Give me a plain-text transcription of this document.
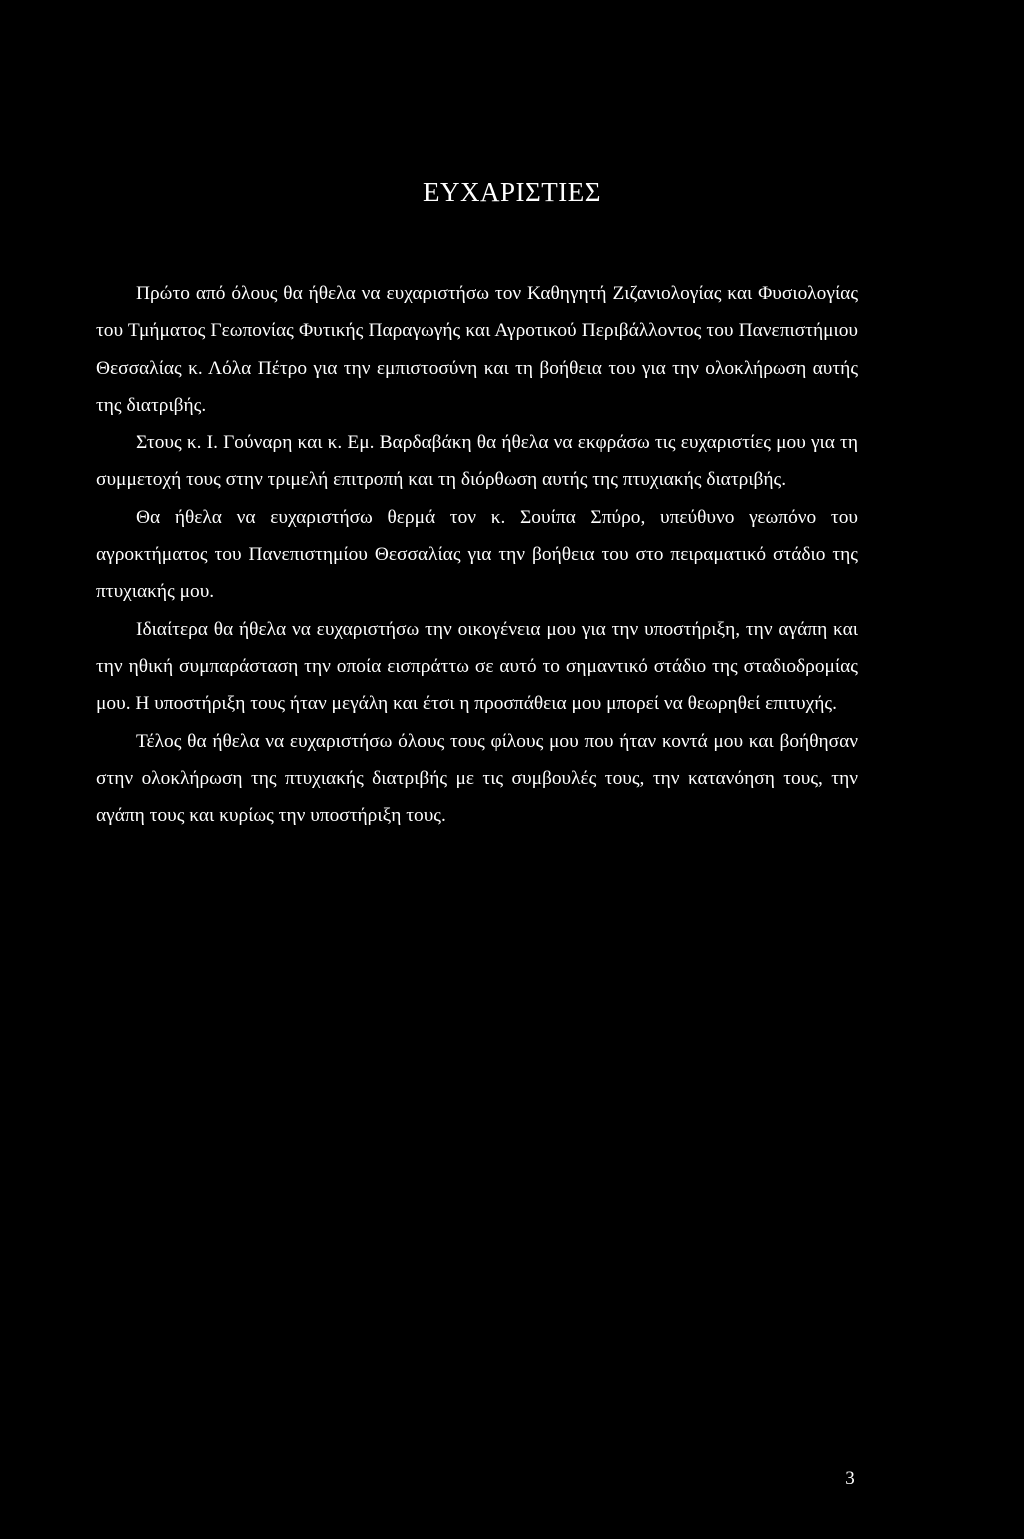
ΕΥΧΑΡΙΣΤΙΕΣ

Πρώτο από όλους θα ήθελα να ευχαριστήσω τον Καθηγητή Ζιζανιολογίας και Φυσιολογίας του Τμήματος Γεωπονίας Φυτικής Παραγωγής και Αγροτικού Περιβάλλοντος του Πανεπιστήμιου Θεσσαλίας κ. Λόλα Πέτρο για την εμπιστοσύνη και τη βοήθεια του για την ολοκλήρωση αυτής της διατριβής.

Στους κ. Ι. Γούναρη και κ. Εμ. Βαρδαβάκη θα ήθελα να εκφράσω τις ευχαριστίες μου για τη συμμετοχή τους στην τριμελή επιτροπή και τη διόρθωση αυτής της πτυχιακής διατριβής.

Θα ήθελα να ευχαριστήσω θερμά τον κ. Σουίπα Σπύρο, υπεύθυνο γεωπόνο του αγροκτήματος του Πανεπιστημίου Θεσσαλίας για την βοήθεια του στο πειραματικό στάδιο της πτυχιακής μου.

Ιδιαίτερα θα ήθελα να ευχαριστήσω την οικογένεια μου για την υποστήριξη, την αγάπη και την ηθική συμπαράσταση την οποία εισπράττω σε αυτό το σημαντικό στάδιο της σταδιοδρομίας μου. Η υποστήριξη τους ήταν μεγάλη και έτσι η προσπάθεια μου μπορεί να θεωρηθεί επιτυχής.

Τέλος θα ήθελα να ευχαριστήσω όλους τους φίλους μου που ήταν κοντά μου και βοήθησαν στην ολοκλήρωση της πτυχιακής διατριβής με τις συμβουλές τους, την κατανόηση τους, την αγάπη τους και κυρίως την υποστήριξη τους.

3
